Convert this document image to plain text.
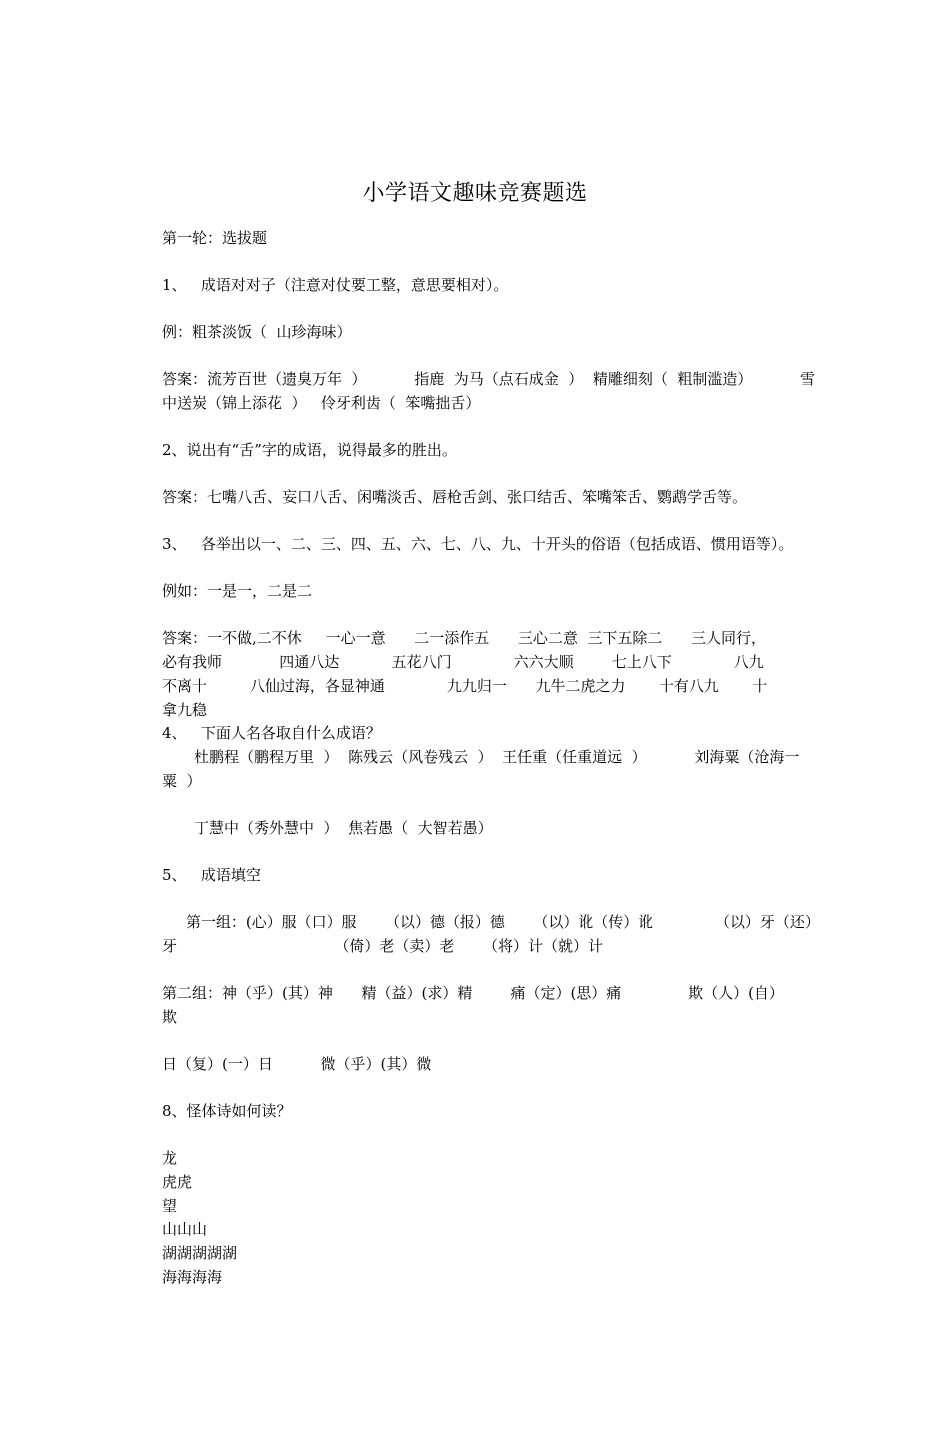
小学语文趣味竞赛题选

第一轮：选拔题

1、   成语对对子（注意对仗要工整，意思要相对）。

例：粗茶淡饭（  山珍海味）

答案：流芳百世（遗臭万年  ）          指鹿  为马（点石成金  ）  精雕细刻（  粗制滥造）          雪

中送炭（锦上添花  ）   伶牙利齿（  笨嘴拙舌）

2、说出有“舌”字的成语，说得最多的胜出。

答案：七嘴八舌、妄口八舌、闲嘴淡舌、唇枪舌剑、张口结舌、笨嘴笨舌、鹦鹉学舌等。

3、   各举出以一、二、三、四、五、六、七、八、九、十开头的俗语（包括成语、惯用语等）。

例如：一是一，二是二

答案：一不做,二不休     一心一意      二一添作五      三心二意  三下五除二      三人同行，

必有我师            四通八达           五花八门             六六大顺        七上八下             八九

不离十         八仙过海，各显神通             九九归一      九牛二虎之力       十有八九       十

拿九稳

4、   下面人名各取自什么成语？

杜鹏程（鹏程万里  ）  陈残云（风卷残云  ）  王任重（任重道远  ）          刘海粟（沧海一

粟  ）

丁慧中（秀外慧中  ）  焦若愚（  大智若愚）

5、   成语填空

第一组：(心）服（口）服      （以）德（报）德      （以）讹（传）讹             （以）牙（还）

牙                                 （倚）老（卖）老      （将）计（就）计

第二组：神（乎）(其）神      精（益）(求）精        痛（定）(思）痛              欺（人）(自）

欺

日（复）(一）日          微（乎）(其）微

8、怪体诗如何读？

龙

虎虎

望

山山山

湖湖湖湖湖

海海海海
